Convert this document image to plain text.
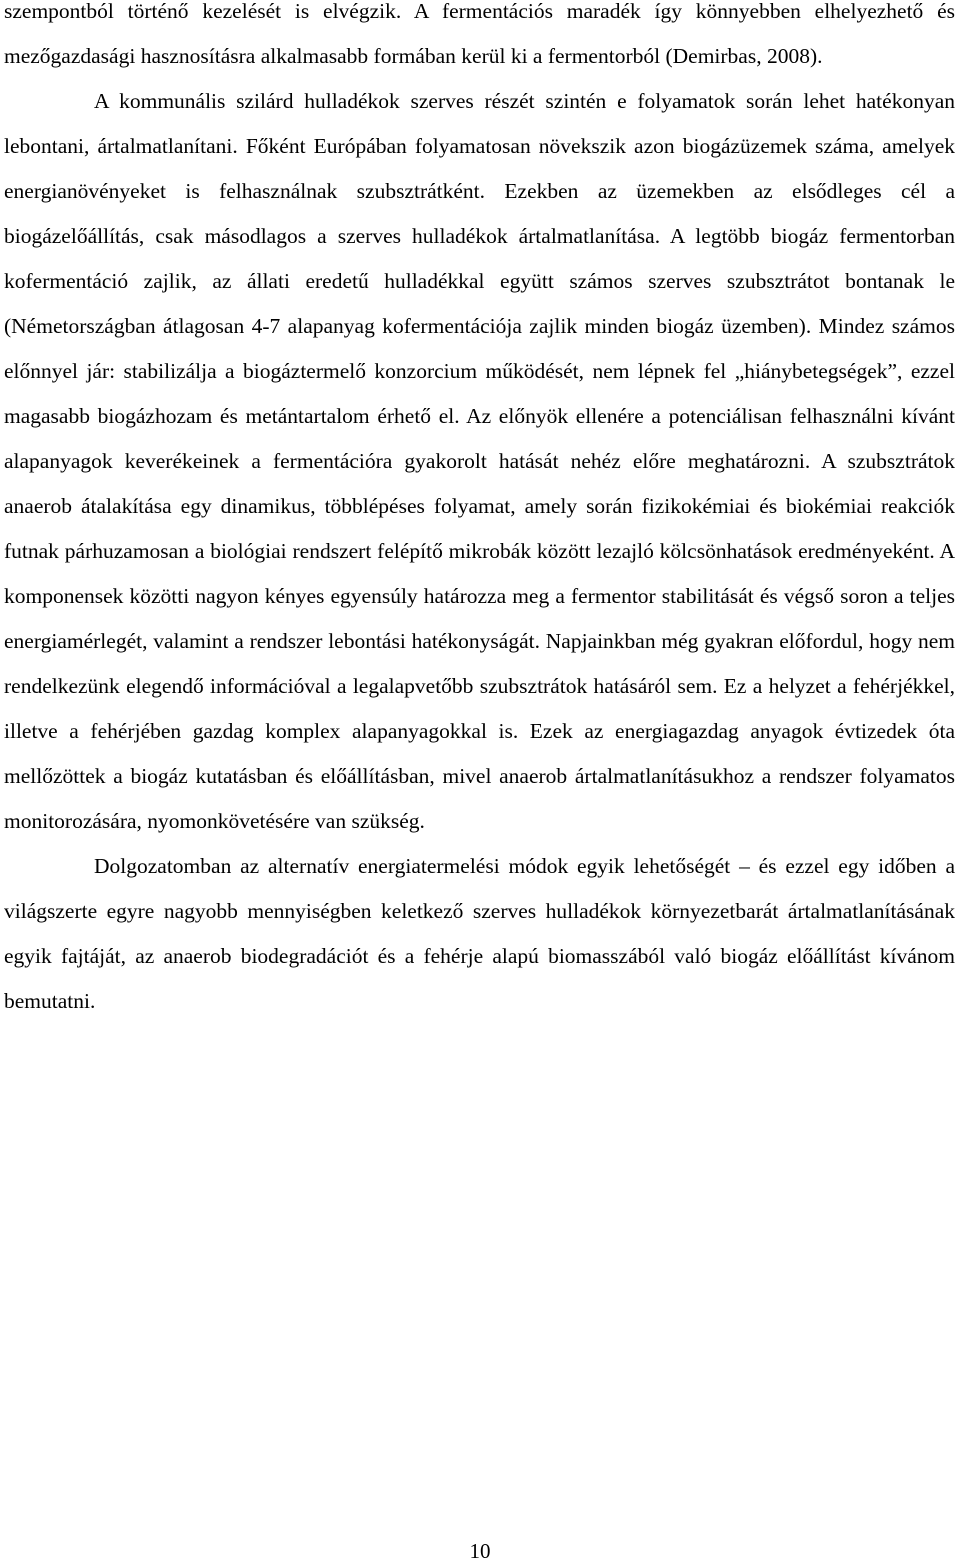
szempontból történő kezelését is elvégzik. A fermentációs maradék így könnyebben elhelyezhető és mezőgazdasági hasznosításra alkalmasabb formában kerül ki a fermentorból (Demirbas, 2008).

A kommunális szilárd hulladékok szerves részét szintén e folyamatok során lehet hatékonyan lebontani, ártalmatlanítani. Főként Európában folyamatosan növekszik azon biogázüzemek száma, amelyek energianövényeket is felhasználnak szubsztrátként. Ezekben az üzemekben az elsődleges cél a biogázelőállítás, csak másodlagos a szerves hulladékok ártalmatlanítása. A legtöbb biogáz fermentorban kofermentáció zajlik, az állati eredetű hulladékkal együtt számos szerves szubsztrátot bontanak le (Németországban átlagosan 4-7 alapanyag kofermentációja zajlik minden biogáz üzemben). Mindez számos előnnyel jár: stabilizálja a biogáztermelő konzorcium működését, nem lépnek fel „hiánybetegségek”, ezzel magasabb biogázhozam és metántartalom érhető el. Az előnyök ellenére a potenciálisan felhasználni kívánt alapanyagok keverékeinek a fermentációra gyakorolt hatását nehéz előre meghatározni. A szubsztrátok anaerob átalakítása egy dinamikus, többlépéses folyamat, amely során fizikokémiai és biokémiai reakciók futnak párhuzamosan a biológiai rendszert felépítő mikrobák között lezajló kölcsönhatások eredményeként. A komponensek közötti nagyon kényes egyensúly határozza meg a fermentor stabilitását és végső soron a teljes energiamérlegét, valamint a rendszer lebontási hatékonyságát. Napjainkban még gyakran előfordul, hogy nem rendelkezünk elegendő információval a legalapvetőbb szubsztrátok hatásáról sem. Ez a helyzet a fehérjékkel, illetve a fehérjében gazdag komplex alapanyagokkal is. Ezek az energiagazdag anyagok évtizedek óta mellőzöttek a biogáz kutatásban és előállításban, mivel anaerob ártalmatlanításukhoz a rendszer folyamatos monitorozására, nyomonkövetésére van szükség.

Dolgozatomban az alternatív energiatermelési módok egyik lehetőségét – és ezzel egy időben a világszerte egyre nagyobb mennyiségben keletkező szerves hulladékok környezetbarát ártalmatlanításának egyik fajtáját, az anaerob biodegradációt és a fehérje alapú biomasszából való biogáz előállítást kívánom bemutatni.

10
